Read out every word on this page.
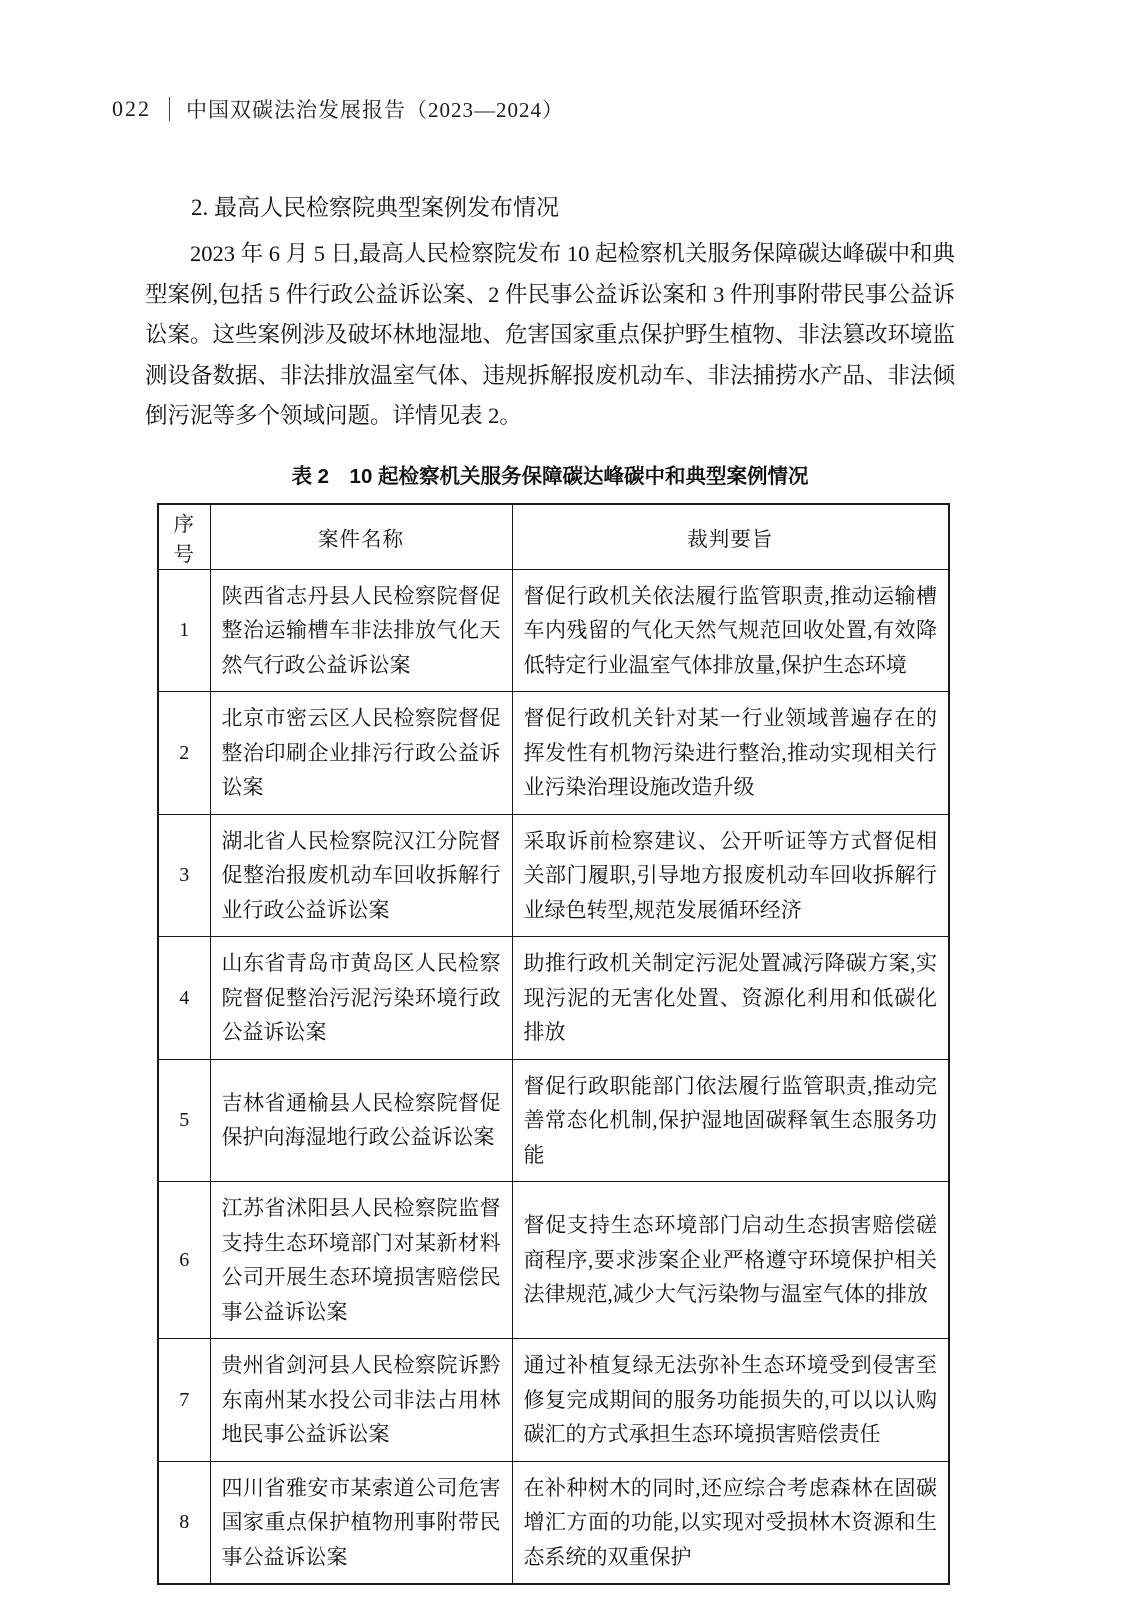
022 中国双碳法治发展报告（2023—2024）

2. 最高人民检察院典型案例发布情况

2023 年 6 月 5 日,最高人民检察院发布 10 起检察机关服务保障碳达峰碳中和典型案例,包括 5 件行政公益诉讼案、2 件民事公益诉讼案和 3 件刑事附带民事公益诉讼案。这些案例涉及破坏林地湿地、危害国家重点保护野生植物、非法篡改环境监测设备数据、非法排放温室气体、违规拆解报废机动车、非法捕捞水产品、非法倾倒污泥等多个领域问题。详情见表 2。

表 2　10 起检察机关服务保障碳达峰碳中和典型案例情况
序号	案件名称	裁判要旨
1	陕西省志丹县人民检察院督促整治运输槽车非法排放气化天然气行政公益诉讼案	督促行政机关依法履行监管职责,推动运输槽车内残留的气化天然气规范回收处置,有效降低特定行业温室气体排放量,保护生态环境
2	北京市密云区人民检察院督促整治印刷企业排污行政公益诉讼案	督促行政机关针对某一行业领域普遍存在的挥发性有机物污染进行整治,推动实现相关行业污染治理设施改造升级
3	湖北省人民检察院汉江分院督促整治报废机动车回收拆解行业行政公益诉讼案	采取诉前检察建议、公开听证等方式督促相关部门履职,引导地方报废机动车回收拆解行业绿色转型,规范发展循环经济
4	山东省青岛市黄岛区人民检察院督促整治污泥污染环境行政公益诉讼案	助推行政机关制定污泥处置减污降碳方案,实现污泥的无害化处置、资源化利用和低碳化排放
5	吉林省通榆县人民检察院督促保护向海湿地行政公益诉讼案	督促行政职能部门依法履行监管职责,推动完善常态化机制,保护湿地固碳释氧生态服务功能
6	江苏省沭阳县人民检察院监督支持生态环境部门对某新材料公司开展生态环境损害赔偿民事公益诉讼案	督促支持生态环境部门启动生态损害赔偿磋商程序,要求涉案企业严格遵守环境保护相关法律规范,减少大气污染物与温室气体的排放
7	贵州省剑河县人民检察院诉黔东南州某水投公司非法占用林地民事公益诉讼案	通过补植复绿无法弥补生态环境受到侵害至修复完成期间的服务功能损失的,可以以认购碳汇的方式承担生态环境损害赔偿责任
8	四川省雅安市某索道公司危害国家重点保护植物刑事附带民事公益诉讼案	在补种树木的同时,还应综合考虑森林在固碳增汇方面的功能,以实现对受损林木资源和生态系统的双重保护
